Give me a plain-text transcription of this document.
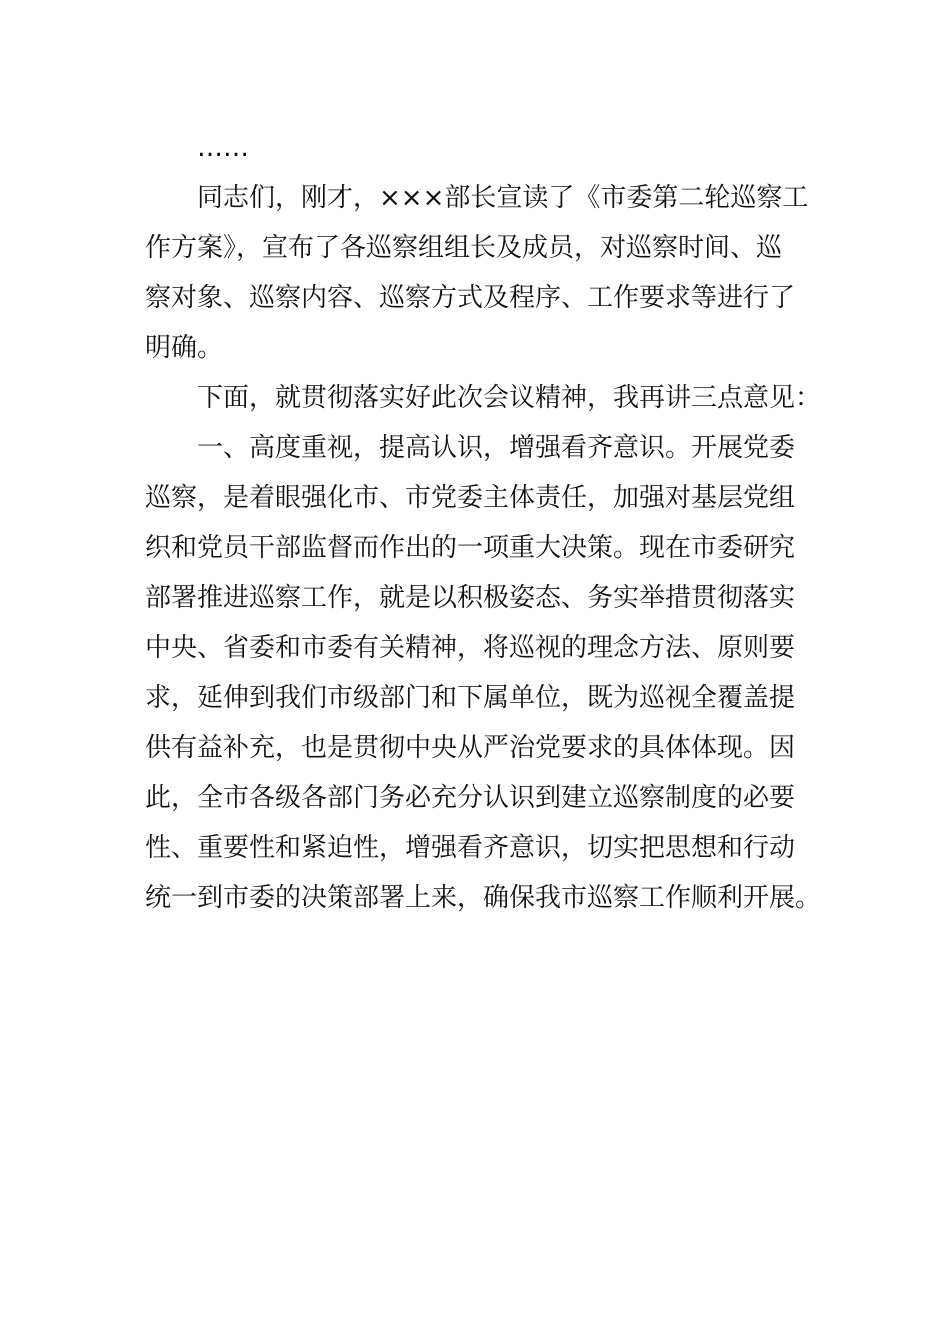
……
同志们，刚才，×××部长宣读了《市委第二轮巡察工
作方案》，宣布了各巡察组组长及成员，对巡察时间、巡
察对象、巡察内容、巡察方式及程序、工作要求等进行了
明确。
下面，就贯彻落实好此次会议精神，我再讲三点意见：
一、高度重视，提高认识，增强看齐意识。开展党委
巡察，是着眼强化市、市党委主体责任，加强对基层党组
织和党员干部监督而作出的一项重大决策。现在市委研究
部署推进巡察工作，就是以积极姿态、务实举措贯彻落实
中央、省委和市委有关精神，将巡视的理念方法、原则要
求，延伸到我们市级部门和下属单位，既为巡视全覆盖提
供有益补充，也是贯彻中央从严治党要求的具体体现。因
此，全市各级各部门务必充分认识到建立巡察制度的必要
性、重要性和紧迫性，增强看齐意识，切实把思想和行动
统一到市委的决策部署上来，确保我市巡察工作顺利开展。
